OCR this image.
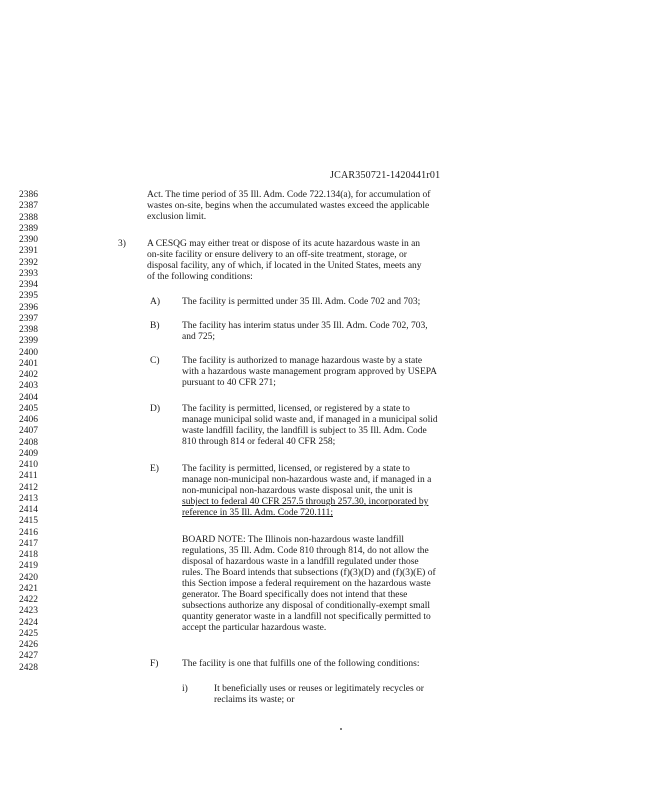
JCAR350721-1420441r01
2386
2387
2388
2389
2390
2391
2392
2393
2394
2395
2396
2397
2398
2399
2400
2401
2402
2403
2404
2405
2406
2407
2408
2409
2410
2411
2412
2413
2414
2415
2416
2417
2418
2419
2420
2421
2422
2423
2424
2425
2426
2427
2428
Act. The time period of 35 Ill. Adm. Code 722.134(a), for accumulation of
wastes on-site, begins when the accumulated wastes exceed the applicable
exclusion limit.
3) A CESQG may either treat or dispose of its acute hazardous waste in an
on-site facility or ensure delivery to an off-site treatment, storage, or
disposal facility, any of which, if located in the United States, meets any
of the following conditions:
A) The facility is permitted under 35 Ill. Adm. Code 702 and 703;
B) The facility has interim status under 35 Ill. Adm. Code 702, 703,
and 725;
C) The facility is authorized to manage hazardous waste by a state
with a hazardous waste management program approved by USEPA
pursuant to 40 CFR 271;
D) The facility is permitted, licensed, or registered by a state to
manage municipal solid waste and, if managed in a municipal solid
waste landfill facility, the landfill is subject to 35 Ill. Adm. Code
810 through 814 or federal 40 CFR 258;
E) The facility is permitted, licensed, or registered by a state to
manage non-municipal non-hazardous waste and, if managed in a
non-municipal non-hazardous waste disposal unit, the unit is
subject to federal 40 CFR 257.5 through 257.30, incorporated by
reference in 35 Ill. Adm. Code 720.111;
BOARD NOTE: The Illinois non-hazardous waste landfill
regulations, 35 Ill. Adm. Code 810 through 814, do not allow the
disposal of hazardous waste in a landfill regulated under those
rules. The Board intends that subsections (f)(3)(D) and (f)(3)(E) of
this Section impose a federal requirement on the hazardous waste
generator. The Board specifically does not intend that these
subsections authorize any disposal of conditionally-exempt small
quantity generator waste in a landfill not specifically permitted to
accept the particular hazardous waste.
F) The facility is one that fulfills one of the following conditions:
i)	It beneficially uses or reuses or legitimately recycles or
reclaims its waste; or
